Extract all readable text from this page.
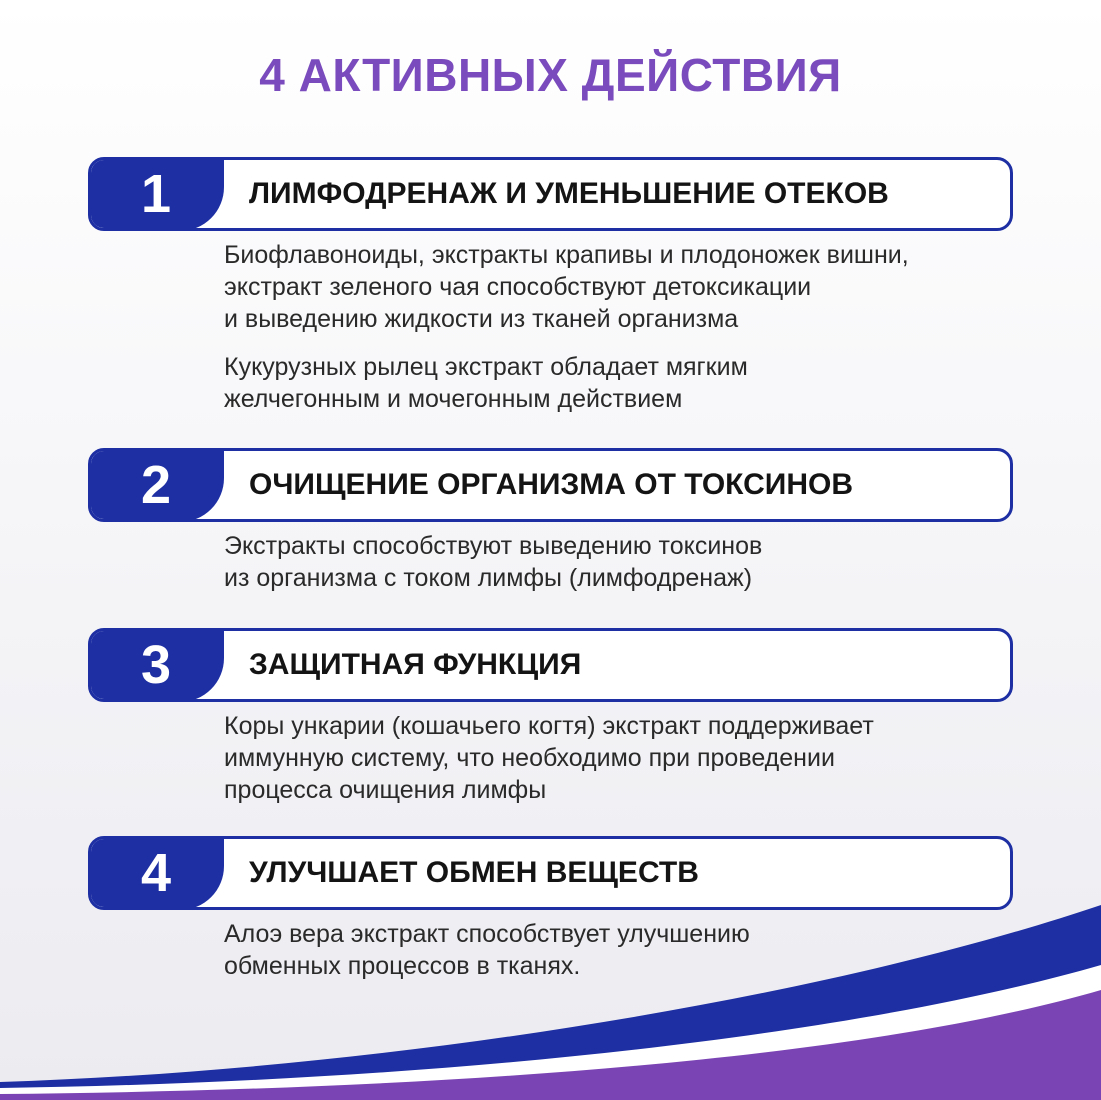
4 АКТИВНЫХ ДЕЙСТВИЯ
1	ЛИМФОДРЕНАЖ И УМЕНЬШЕНИЕ ОТЕКОВ

Биофлавоноиды, экстракты крапивы и плодоножек вишни,
экстракт зеленого чая способствуют детоксикации
и выведению жидкости из тканей организма

Кукурузных рылец экстракт обладает мягким
желчегонным и мочегонным действием

2	ОЧИЩЕНИЕ ОРГАНИЗМА ОТ ТОКСИНОВ

Экстракты способствуют выведению токсинов
из организма с током лимфы (лимфодренаж)

3	ЗАЩИТНАЯ ФУНКЦИЯ

Коры ункарии (кошачьего когтя) экстракт поддерживает
иммунную систему, что необходимо при проведении
процесса очищения лимфы

4	УЛУЧШАЕТ ОБМЕН ВЕЩЕСТВ

Алоэ вера экстракт способствует улучшению
обменных процессов в тканях.
